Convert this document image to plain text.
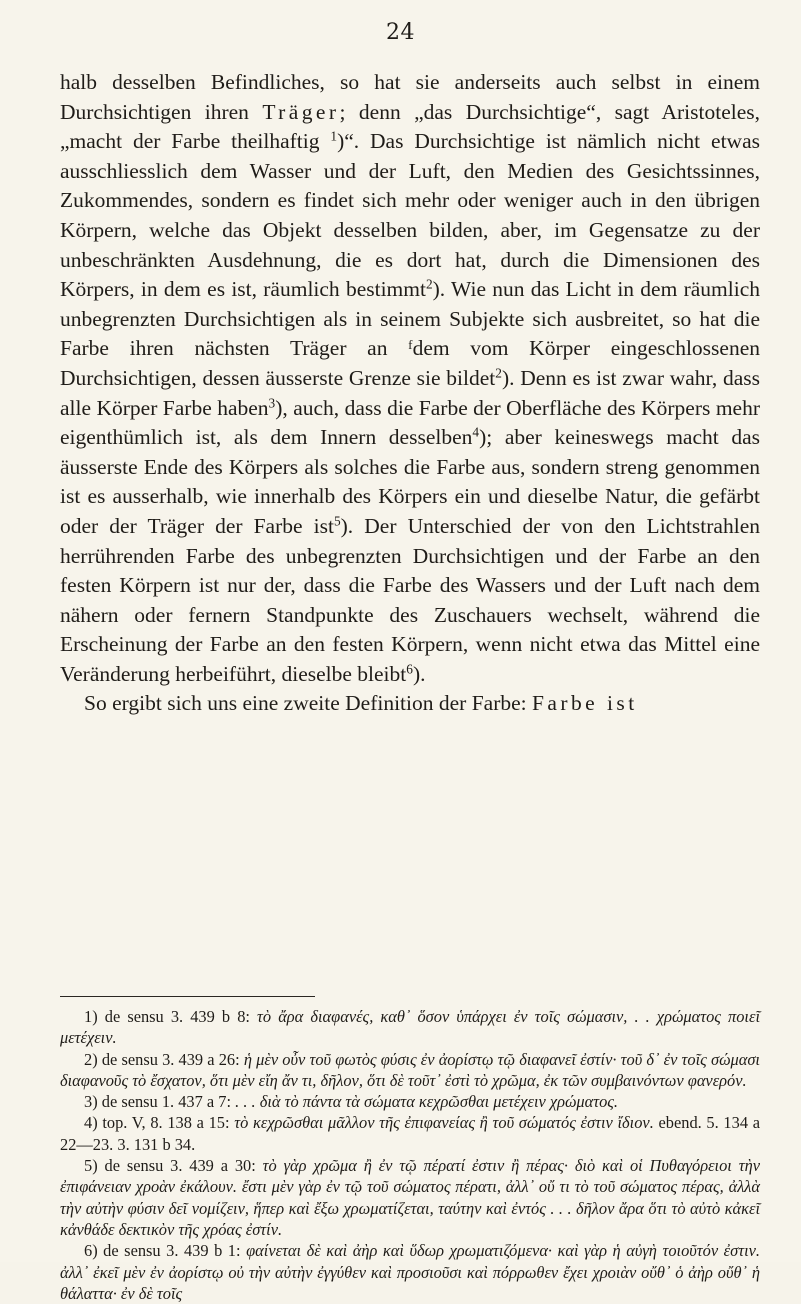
24

halb desselben Befindliches, so hat sie anderseits auch selbst in einem Durchsichtigen ihren Träger; denn „das Durchsichtige“, sagt Aristoteles, „macht der Farbe theilhaftig $^1$)“. Das Durchsichtige ist nämlich nicht etwas ausschliesslich dem Wasser und der Luft, den Medien des Gesichtssinnes, Zukommendes, sondern es findet sich mehr oder weniger auch in den übrigen Körpern, welche das Objekt desselben bilden, aber, im Gegensatze zu der unbeschränkten Ausdehnung, die es dort hat, durch die Dimensionen des Körpers, in dem es ist, räumlich bestimmt$^2$). Wie nun das Licht in dem räumlich unbegrenzten Durchsichtigen als in seinem Subjekte sich ausbreitet, so hat die Farbe ihren nächsten Träger an ᶠdem vom Körper eingeschlossenen Durchsichtigen, dessen äusserste Grenze sie bildet$^2$). Denn es ist zwar wahr, dass alle Körper Farbe haben$^3$), auch, dass die Farbe der Oberfläche des Körpers mehr eigenthümlich ist, als dem Innern desselben$^4$); aber keineswegs macht das äusserste Ende des Körpers als solches die Farbe aus, sondern streng genommen ist es ausserhalb, wie innerhalb des Körpers ein und dieselbe Natur, die gefärbt oder der Träger der Farbe ist$^5$). Der Unterschied der von den Lichtstrahlen herrührenden Farbe des unbegrenzten Durchsichtigen und der Farbe an den festen Körpern ist nur der, dass die Farbe des Wassers und der Luft nach dem nähern oder fernern Standpunkte des Zuschauers wechselt, während die Erscheinung der Farbe an den festen Körpern, wenn nicht etwa das Mittel eine Veränderung herbeiführt, dieselbe bleibt$^6$).

So ergibt sich uns eine zweite Definition der Farbe: Farbe ist

1) de sensu 3. 439 b 8: τὸ ἄρα διαφανές, καθ᾽ ὅσον ὑπάρχει ἐν τοῖς σώμασιν, . . χρώματος ποιεῖ μετέχειν.

2) de sensu 3. 439 a 26: ἡ μὲν οὖν τοῦ φωτὸς φύσις ἐν ἀορίστῳ τῷ διαφανεῖ ἐστίν· τοῦ δ᾽ ἐν τοῖς σώμασι διαφανοῦς τὸ ἔσχατον, ὅτι μὲν εἴη ἄν τι, δῆλον, ὅτι δὲ τοῦτ᾽ ἐστὶ τὸ χρῶμα, ἐκ τῶν συμβαινόντων φανερόν.

3) de sensu 1. 437 a 7: . . . διὰ τὸ πάντα τὰ σώματα κεχρῶσθαι μετέχειν χρώματος.

4) top. V, 8. 138 a 15: τὸ κεχρῶσθαι μᾶλλον τῆς ἐπιφανείας ἢ τοῦ σώματός ἐστιν ἴδιον. ebend. 5. 134 a 22—23. 3. 131 b 34.

5) de sensu 3. 439 a 30: τὸ γὰρ χρῶμα ἢ ἐν τῷ πέρατί ἐστιν ἢ πέρας· διὸ καὶ οἱ Πυθαγόρειοι τὴν ἐπιφάνειαν χροὰν ἐκάλουν. ἔστι μὲν γὰρ ἐν τῷ τοῦ σώματος πέρατι, ἀλλ᾽ οὔ τι τὸ τοῦ σώματος πέρας, ἀλλὰ τὴν αὐτὴν φύσιν δεῖ νομίζειν, ἥπερ καὶ ἔξω χρωματίζεται, ταύτην καὶ ἐντός . . . δῆλον ἄρα ὅτι τὸ αὐτὸ κἀκεῖ κἀνθάδε δεκτικὸν τῆς χρόας ἐστίν.

6) de sensu 3. 439 b 1: φαίνεται δὲ καὶ ἀὴρ καὶ ὕδωρ χρωματιζόμενα· καὶ γὰρ ἡ αὐγὴ τοιοῦτόν ἐστιν. ἀλλ᾽ ἐκεῖ μὲν ἐν ἀορίστῳ οὐ τὴν αὐτὴν ἐγγύθεν καὶ προσιοῦσι καὶ πόρρωθεν ἔχει χροιὰν οὔθ᾽ ὁ ἀὴρ οὔθ᾽ ἡ θάλαττα· ἐν δὲ τοῖς
